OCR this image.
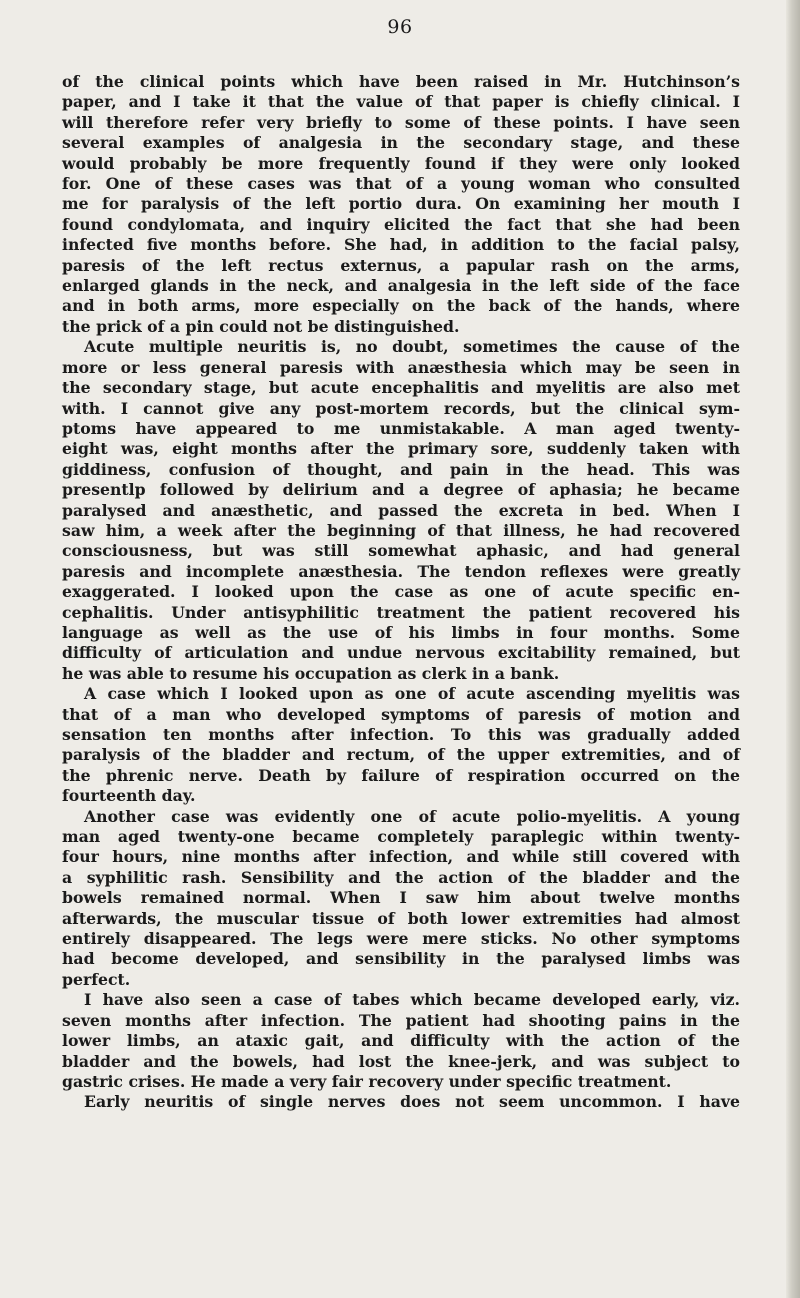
96
of the clinical points which have been raised in Mr. Hutchinson’s
paper, and I take it that the value of that paper is chiefly clinical. I
will therefore refer very briefly to some of these points. I have seen
several examples of analgesia in the secondary stage, and these
would probably be more frequently found if they were only looked
for. One of these cases was that of a young woman who consulted
me for paralysis of the left portio dura. On examining her mouth I
found condylomata, and inquiry elicited the fact that she had been
infected five months before. She had, in addition to the facial palsy,
paresis of the left rectus externus, a papular rash on the arms,
enlarged glands in the neck, and analgesia in the left side of the face
and in both arms, more especially on the back of the hands, where
the prick of a pin could not be distinguished.
Acute multiple neuritis is, no doubt, sometimes the cause of the
more or less general paresis with anæsthesia which may be seen in
the secondary stage, but acute encephalitis and myelitis are also met
with. I cannot give any post-mortem records, but the clinical sym-
ptoms have appeared to me unmistakable. A man aged twenty-
eight was, eight months after the primary sore, suddenly taken with
giddiness, confusion of thought, and pain in the head. This was
presentlp followed by delirium and a degree of aphasia; he became
paralysed and anæsthetic, and passed the excreta in bed. When I
saw him, a week after the beginning of that illness, he had recovered
consciousness, but was still somewhat aphasic, and had general
paresis and incomplete anæsthesia. The tendon reflexes were greatly
exaggerated. I looked upon the case as one of acute specific en-
cephalitis. Under antisyphilitic treatment the patient recovered his
language as well as the use of his limbs in four months. Some
difficulty of articulation and undue nervous excitability remained, but
he was able to resume his occupation as clerk in a bank.
A case which I looked upon as one of acute ascending myelitis was
that of a man who developed symptoms of paresis of motion and
sensation ten months after infection. To this was gradually added
paralysis of the bladder and rectum, of the upper extremities, and of
the phrenic nerve. Death by failure of respiration occurred on the
fourteenth day.
Another case was evidently one of acute polio-myelitis. A young
man aged twenty-one became completely paraplegic within twenty-
four hours, nine months after infection, and while still covered with
a syphilitic rash. Sensibility and the action of the bladder and the
bowels remained normal. When I saw him about twelve months
afterwards, the muscular tissue of both lower extremities had almost
entirely disappeared. The legs were mere sticks. No other symptoms
had become developed, and sensibility in the paralysed limbs was
perfect.
I have also seen a case of tabes which became developed early, viz.
seven months after infection. The patient had shooting pains in the
lower limbs, an ataxic gait, and difficulty with the action of the
bladder and the bowels, had lost the knee-jerk, and was subject to
gastric crises. He made a very fair recovery under specific treatment.
Early neuritis of single nerves does not seem uncommon. I have
